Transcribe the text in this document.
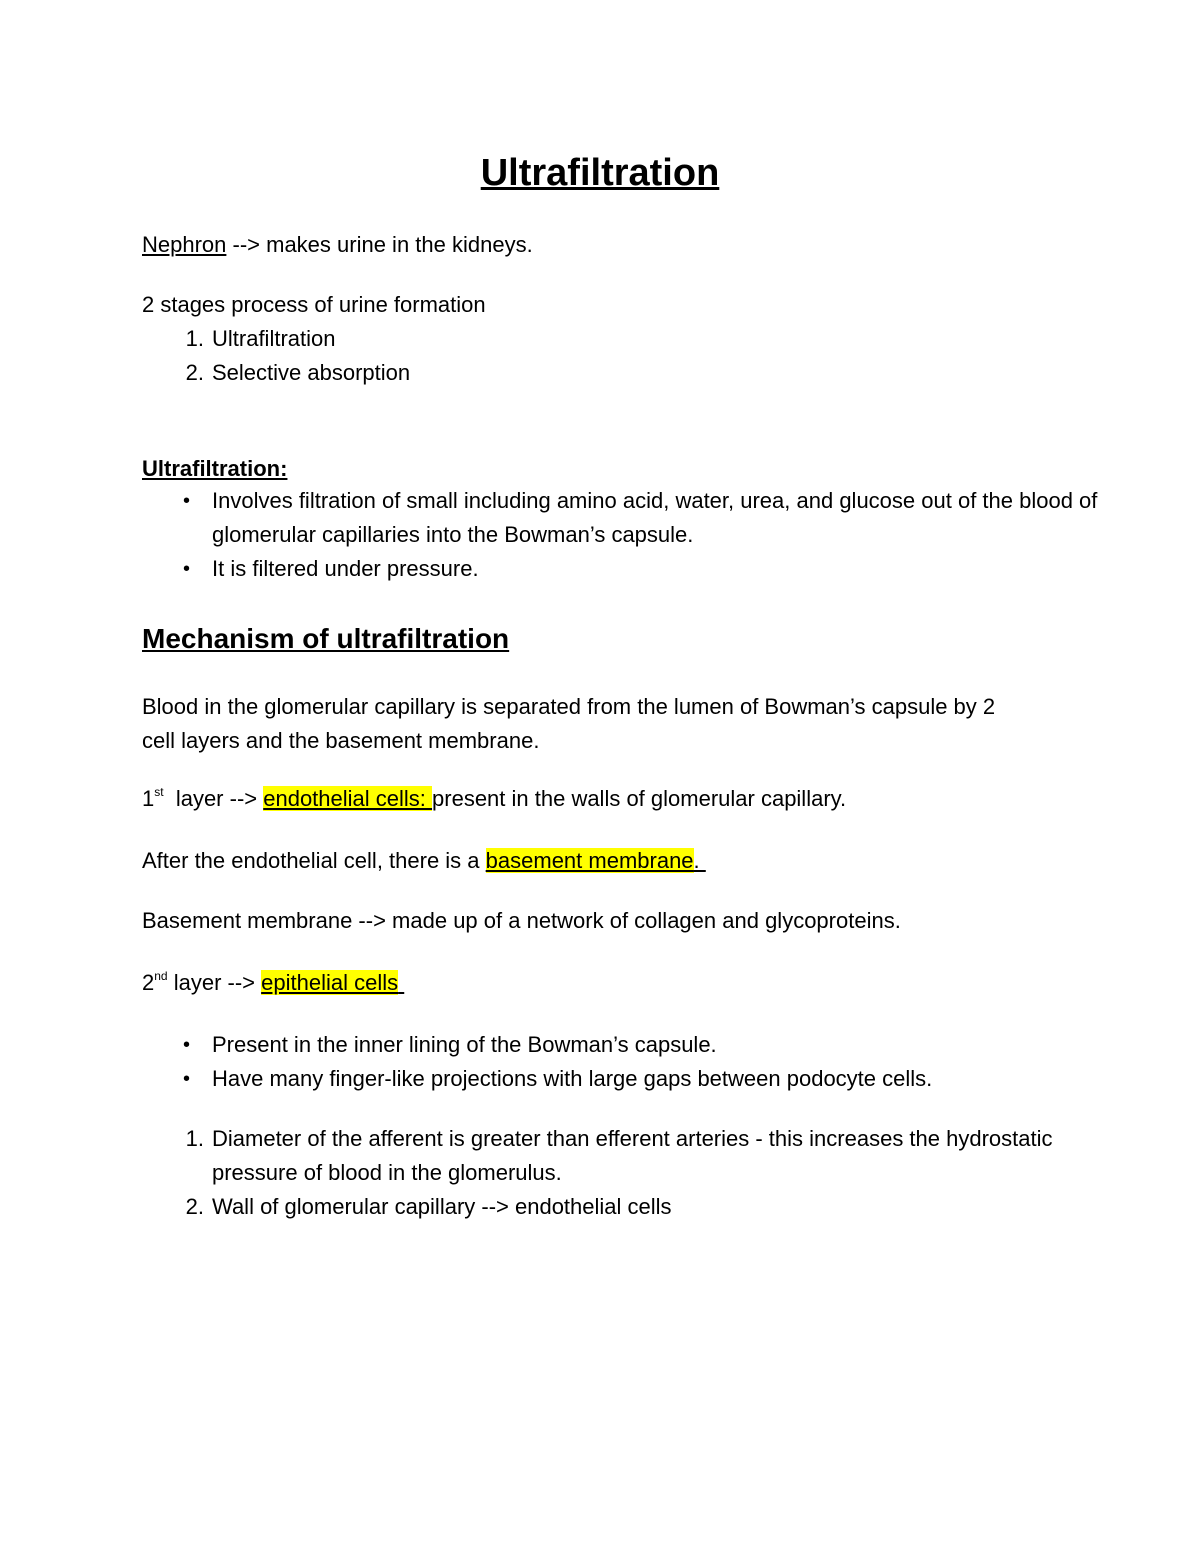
Ultrafiltration
Nephron --> makes urine in the kidneys.
2 stages process of urine formation
1. Ultrafiltration
2. Selective absorption
Ultrafiltration:
• Involves filtration of small including amino acid, water, urea, and glucose out of the blood of glomerular capillaries into the Bowman’s capsule.
• It is filtered under pressure.
Mechanism of ultrafiltration
Blood in the glomerular capillary is separated from the lumen of Bowman’s capsule by 2 cell layers and the basement membrane.
1st  layer --> endothelial cells: present in the walls of glomerular capillary.
After the endothelial cell, there is a basement membrane.
Basement membrane --> made up of a network of collagen and glycoproteins.
2nd layer --> epithelial cells
• Present in the inner lining of the Bowman’s capsule.
• Have many finger-like projections with large gaps between podocyte cells.
1. Diameter of the afferent is greater than efferent arteries - this increases the hydrostatic pressure of blood in the glomerulus.
2. Wall of glomerular capillary --> endothelial cells
